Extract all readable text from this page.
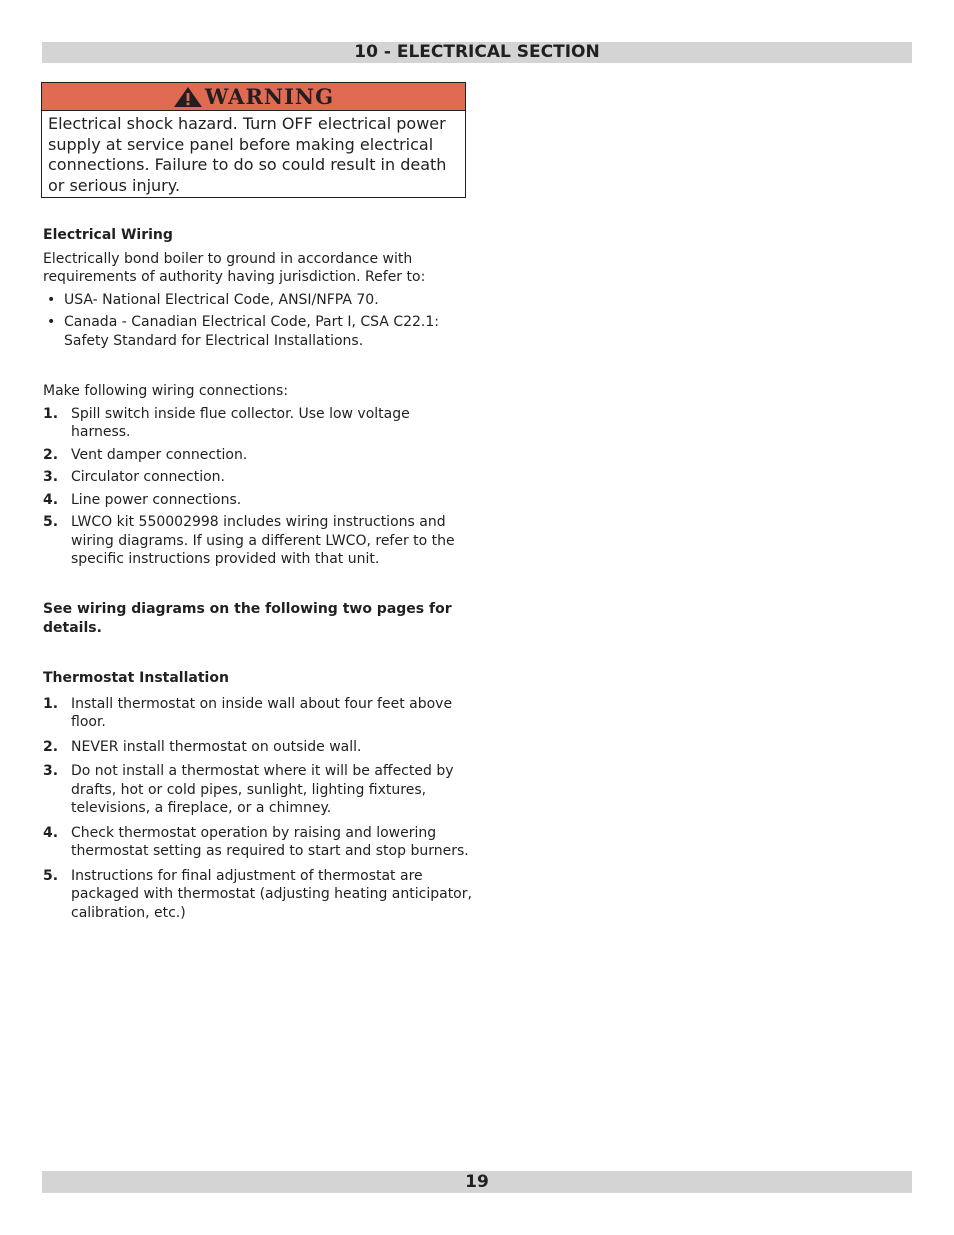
10 - ELECTRICAL SECTION
WARNING
Electrical shock hazard. Turn OFF electrical power supply at service panel before making electrical connections. Failure to do so could result in death or serious injury.
Electrical Wiring

Electrically bond boiler to ground in accordance with requirements of authority having jurisdiction. Refer to:

• USA- National Electrical Code, ANSI/NFPA 70.
• Canada - Canadian Electrical Code, Part I, CSA C22.1: Safety Standard for Electrical Installations.

Make following wiring connections:

1. Spill switch inside flue collector. Use low voltage harness.
2. Vent damper connection.
3. Circulator connection.
4. Line power connections.
5. LWCO kit 550002998 includes wiring instructions and wiring diagrams. If using a different LWCO, refer to the specific instructions provided with that unit.
See wiring diagrams on the following two pages for details.
Thermostat Installation
1. Install thermostat on inside wall about four feet above floor.
2. NEVER install thermostat on outside wall.
3. Do not install a thermostat where it will be affected by drafts, hot or cold pipes, sunlight, lighting fixtures, televisions, a fireplace, or a chimney.
4. Check thermostat operation by raising and lowering thermostat setting as required to start and stop burners.
5. Instructions for final adjustment of thermostat are packaged with thermostat (adjusting heating anticipator, calibration, etc.)
19
